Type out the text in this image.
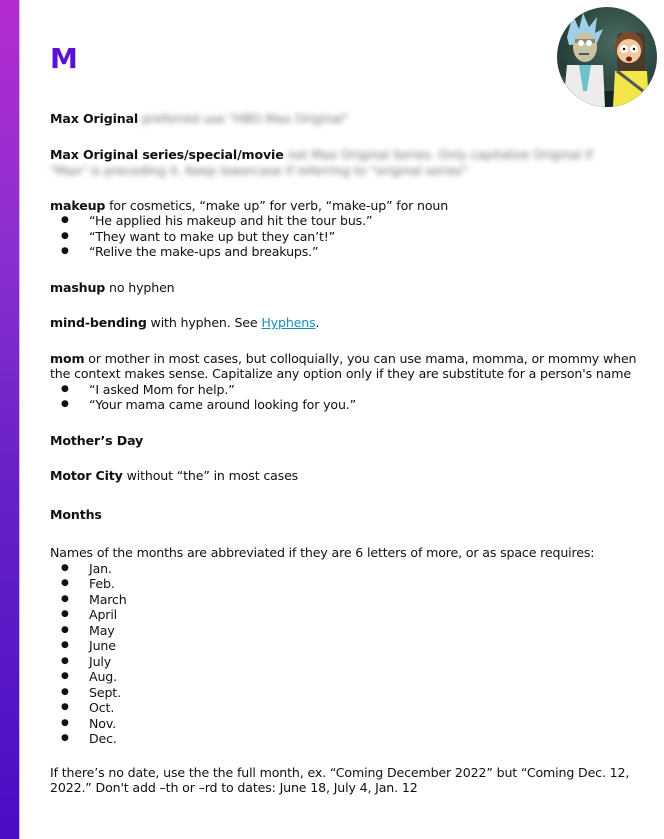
M
Max Original preferred use "HBO Max Original"
Max Original series/special/movie not Max Original Series. Only capitalize Original if
"Max" is preceding it. Keep lowercase if referring to "original series"
makeup for cosmetics, “make up” for verb, “make-up” for noun
● “He applied his makeup and hit the tour bus.”
● “They want to make up but they can’t!”
● “Relive the make-ups and breakups.”
mashup no hyphen
mind-bending with hyphen. See Hyphens.
mom or mother in most cases, but colloquially, you can use mama, momma, or mommy when the context makes sense. Capitalize any option only if they are substitute for a person's name
● “I asked Mom for help.”
● “Your mama came around looking for you.”
Mother’s Day
Motor City without “the” in most cases
Months
Names of the months are abbreviated if they are 6 letters of more, or as space requires:
● Jan.
● Feb.
● March
● April
● May
● June
● July
● Aug.
● Sept.
● Oct.
● Nov.
● Dec.
If there’s no date, use the the full month, ex. “Coming December 2022” but “Coming Dec. 12, 2022.” Don't add –th or –rd to dates: June 18, July 4, Jan. 12
